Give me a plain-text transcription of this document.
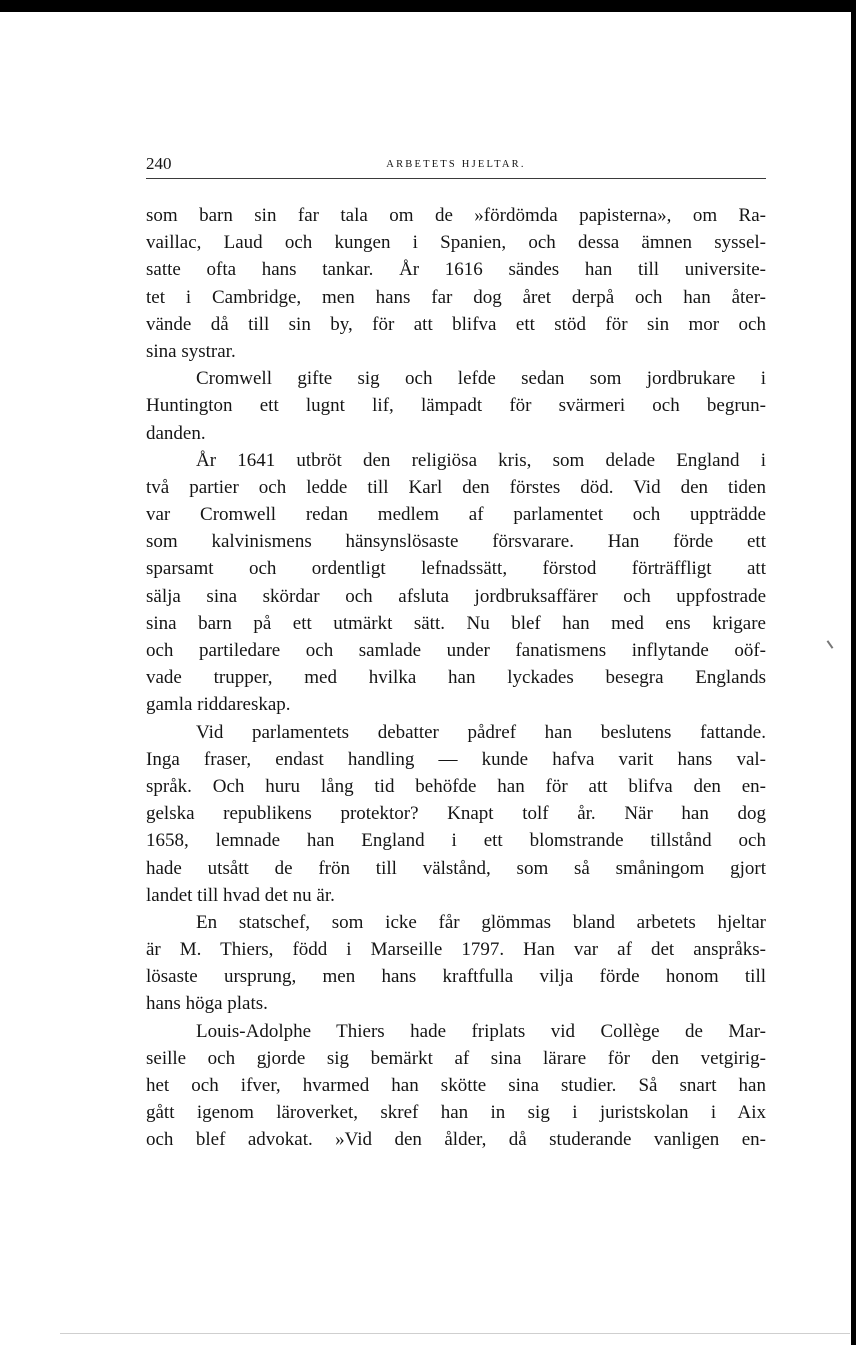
240	ARBETETS HJELTAR.
som barn sin far tala om de »fördömda papisterna», om Ra-
vaillac, Laud och kungen i Spanien, och dessa ämnen syssel-
satte ofta hans tankar. År 1616 sändes han till universite-
tet i Cambridge, men hans far dog året derpå och han åter-
vände då till sin by, för att blifva ett stöd för sin mor och
sina systrar.
Cromwell gifte sig och lefde sedan som jordbrukare i
Huntington ett lugnt lif, lämpadt för svärmeri och begrun-
danden.
År 1641 utbröt den religiösa kris, som delade England i
två partier och ledde till Karl den förstes död. Vid den tiden
var Cromwell redan medlem af parlamentet och uppträdde
som kalvinismens hänsynslösaste försvarare. Han förde ett
sparsamt och ordentligt lefnadssätt, förstod förträffligt att
sälja sina skördar och afsluta jordbruksaffärer och uppfostrade
sina barn på ett utmärkt sätt. Nu blef han med ens krigare
och partiledare och samlade under fanatismens inflytande oöf-
vade trupper, med hvilka han lyckades besegra Englands
gamla riddareskap.
Vid parlamentets debatter pådref han beslutens fattande.
Inga fraser, endast handling — kunde hafva varit hans val-
språk. Och huru lång tid behöfde han för att blifva den en-
gelska republikens protektor? Knapt tolf år. När han dog
1658, lemnade han England i ett blomstrande tillstånd och
hade utsått de frön till välstånd, som så småningom gjort
landet till hvad det nu är.
En statschef, som icke får glömmas bland arbetets hjeltar
är M. Thiers, född i Marseille 1797. Han var af det anspråks-
lösaste ursprung, men hans kraftfulla vilja förde honom till
hans höga plats.
Louis-Adolphe Thiers hade friplats vid Collège de Mar-
seille och gjorde sig bemärkt af sina lärare för den vetgirig-
het och ifver, hvarmed han skötte sina studier. Så snart han
gått igenom läroverket, skref han in sig i juristskolan i Aix
och blef advokat. »Vid den ålder, då studerande vanligen en-
